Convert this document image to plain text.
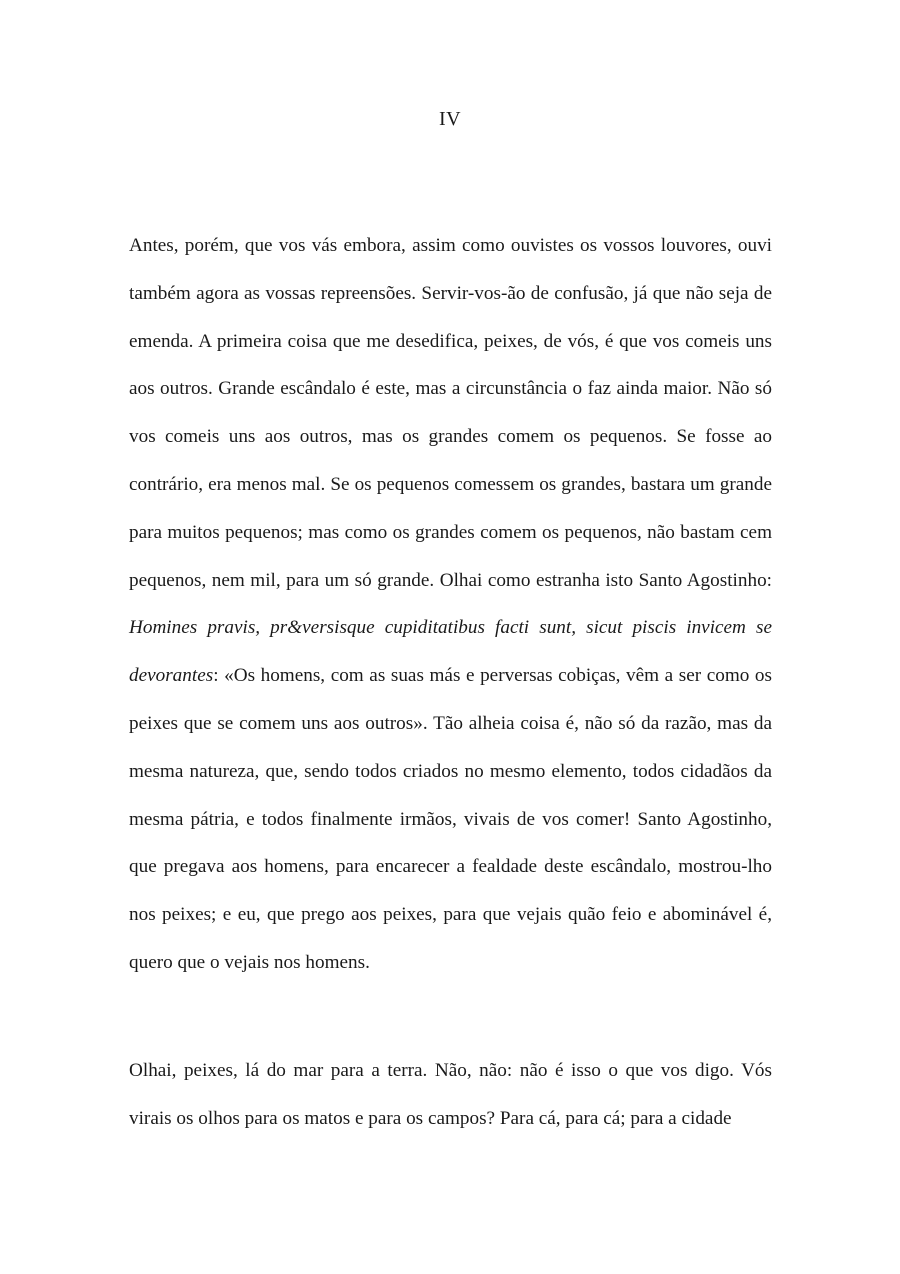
IV

Antes, porém, que vos vás embora, assim como ouvistes os vossos louvores, ouvi também agora as vossas repreensões. Servir-vos-ão de confusão, já que não seja de emenda. A primeira coisa que me desedifica, peixes, de vós, é que vos comeis uns aos outros. Grande escândalo é este, mas a circunstância o faz ainda maior. Não só vos comeis uns aos outros, mas os grandes comem os pequenos. Se fosse ao contrário, era menos mal. Se os pequenos comessem os grandes, bastara um grande para muitos pequenos; mas como os grandes comem os pequenos, não bastam cem pequenos, nem mil, para um só grande. Olhai como estranha isto Santo Agostinho: Homines pravis, pr&versisque cupiditatibus facti sunt, sicut piscis invicem se devorantes: «Os homens, com as suas más e perversas cobiças, vêm a ser como os peixes que se comem uns aos outros». Tão alheia coisa é, não só da razão, mas da mesma natureza, que, sendo todos criados no mesmo elemento, todos cidadãos da mesma pátria, e todos finalmente irmãos, vivais de vos comer! Santo Agostinho, que pregava aos homens, para encarecer a fealdade deste escândalo, mostrou-lho nos peixes; e eu, que prego aos peixes, para que vejais quão feio e abominável é, quero que o vejais nos homens.

Olhai, peixes, lá do mar para a terra. Não, não: não é isso o que vos digo. Vós virais os olhos para os matos e para os campos? Para cá, para cá; para a cidade
